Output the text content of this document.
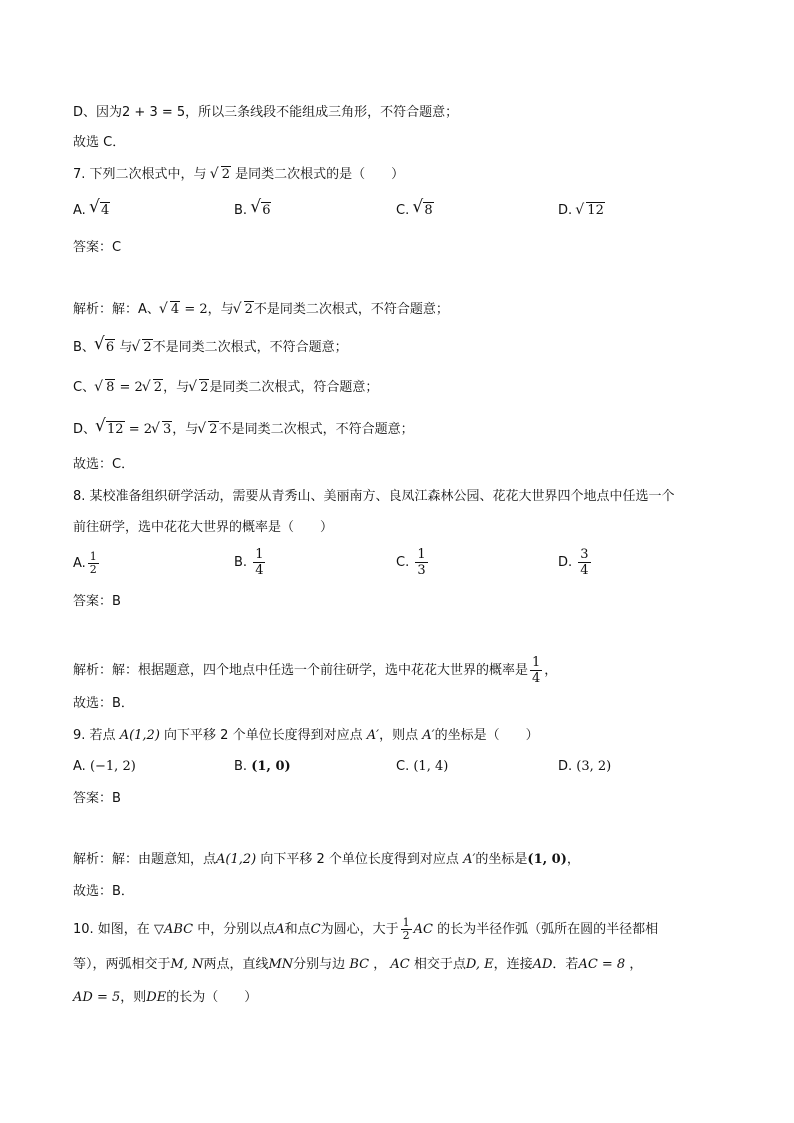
D、因为2 + 3 = 5，所以三条线段不能组成三角形，不符合题意；
故选 C．
7. 下列二次根式中，与 √ 2 是同类二次根式的是（　　）
A. √ 4	B. √ 6	C. √ 8	D. √ 12
答案：C
解析：解：A、 √ 4 = 2，与 √ 2不是同类二次根式，不符合题意；
B、 √ 6 与 √ 2不是同类二次根式，不符合题意；
C、 √ 8 = 2 √ 2，与 √ 2是同类二次根式，符合题意；
D、 √ 12 = 2 √ 3，与 √ 2不是同类二次根式，不符合题意；
故选：C．
8. 某校准备组织研学活动，需要从青秀山、美丽南方、良凤江森林公园、花花大世界四个地点中任选一个
前往研学，选中花花大世界的概率是（　　）
A. $\frac{1}{2}$	B. $\frac{1}{4}$	C. $\frac{1}{3}$	D. $\frac{3}{4}$
答案：B
解析：解：根据题意，四个地点中任选一个前往研学，选中花花大世界的概率是 $\frac{1}{4}$ ，
故选：B．
9. 若点 A(1,2) 向下平移 2 个单位长度得到对应点 A′，则点 A′的坐标是（　　）
A. (−1, 2)	B. (1, 0)	C. (1, 4)	D. (3, 2)
答案：B
解析：解：由题意知，点A(1,2) 向下平移 2 个单位长度得到对应点 A′的坐标是(1, 0)，
故选：B．
10. 如图，在 ▽ABC 中，分别以点A和点C为圆心，大于 $\frac{1}{2}$ AC 的长为半径作弧（弧所在圆的半径都相
等），两弧相交于M, N两点，直线MN分别与边 BC ， AC 相交于点D, E，连接AD．若AC = 8 ，
AD = 5，则DE的长为（　　）
